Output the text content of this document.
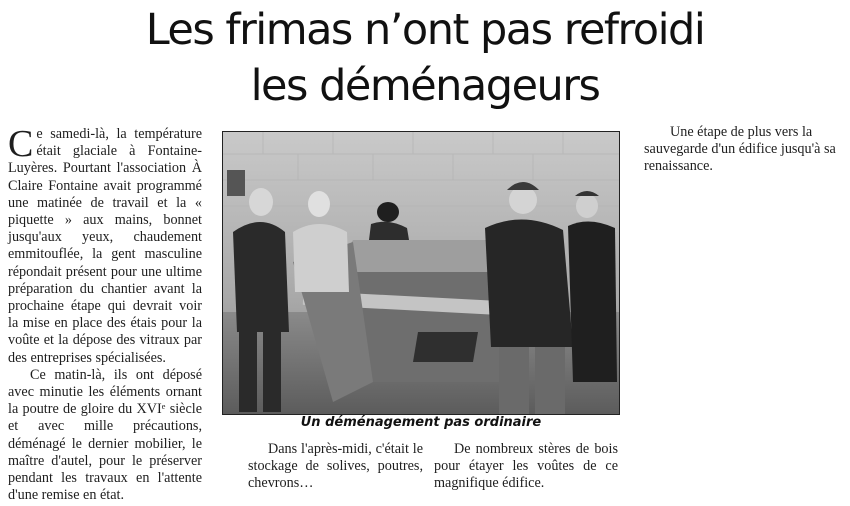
Les frimas n’ont pas refroidi
les déménageurs

Ce samedi-là, la température était glaciale à Fontaine-Luyères. Pourtant l'association À Claire Fontaine avait programmé une matinée de travail et la « piquette » aux mains, bonnet jusqu'aux yeux, chaudement emmitouflée, la gent masculine répondait présent pour une ultime préparation du chantier avant la prochaine étape qui devrait voir la mise en place des étais pour la voûte et la dépose des vitraux par des entreprises spécialisées.

Ce matin-là, ils ont déposé avec minutie les éléments ornant la poutre de gloire du XVIᵉ siècle et avec mille précautions, déménagé le dernier mobilier, le maître d'autel, pour le préserver pendant les travaux en l'attente d'une remise en état.

Un déménagement pas ordinaire

Dans l'après-midi, c'était le stockage de solives, poutres, chevrons…

De nombreux stères de bois pour étayer les voûtes de ce magnifique édifice.

Une étape de plus vers la sauvegarde d'un édifice jusqu'à sa renaissance.
